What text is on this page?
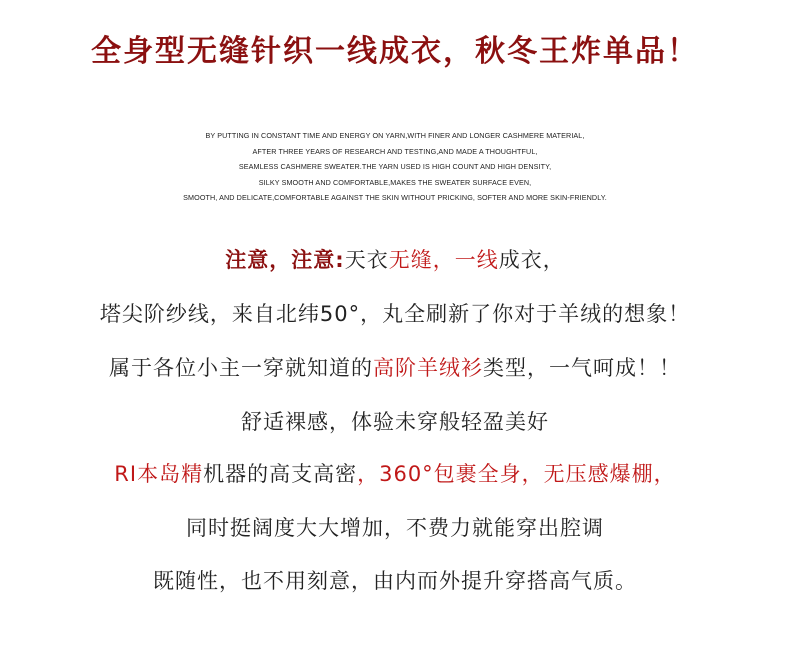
全身型无缝针织一线成衣，秋冬王炸单品！
BY PUTTING IN CONSTANT TIME AND ENERGY ON YARN,WITH FINER AND LONGER CASHMERE MATERIAL,
AFTER THREE YEARS OF RESEARCH AND TESTING,AND MADE A THOUGHTFUL,
SEAMLESS CASHMERE SWEATER.THE YARN USED IS HIGH COUNT AND HIGH DENSITY,
SILKY SMOOTH AND COMFORTABLE,MAKES THE SWEATER SURFACE EVEN,
SMOOTH, AND DELICATE,COMFORTABLE AGAINST THE SKIN WITHOUT PRICKING, SOFTER AND MORE SKIN-FRIENDLY.
注意，注意:天衣无缝，一线成衣，
塔尖阶纱线，来自北纬50°，丸全刷新了你对于羊绒的想象！
属于各位小主一穿就知道的高阶羊绒衫类型，一气呵成！！
舒适裸感，体验未穿般轻盈美好
RI本岛精机器的高支高密，360°包裹全身，无压感爆棚，
同时挺阔度大大增加，不费力就能穿出腔调
既随性，也不用刻意，由内而外提升穿搭高气质。
